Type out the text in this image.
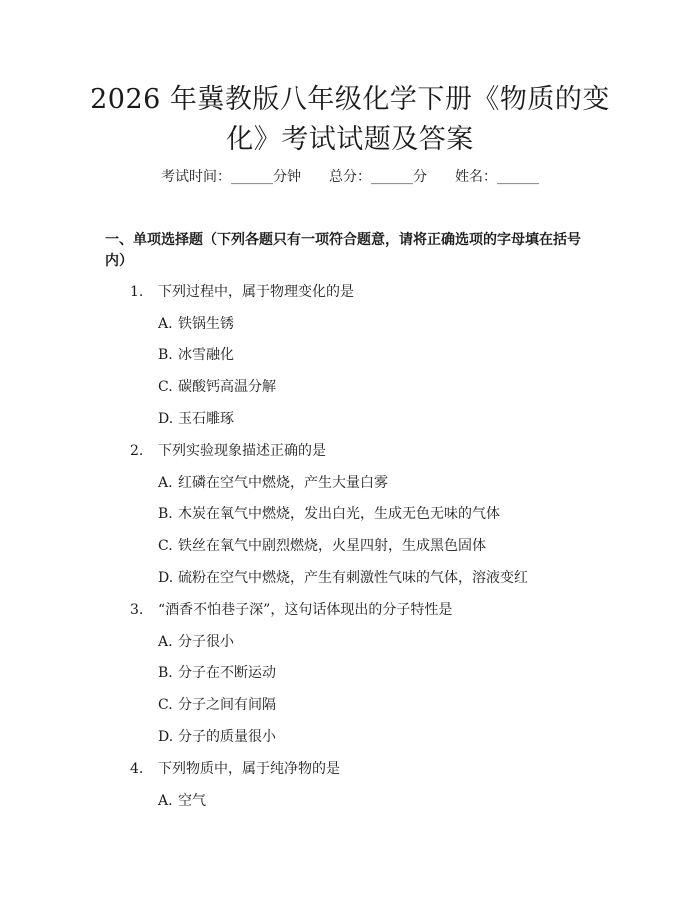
2026 年冀教版八年级化学下册《物质的变
化》考试试题及答案
考试时间：______分钟 总分：______分 姓名：______
一、单项选择题（下列各题只有一项符合题意，请将正确选项的字母填在括号
内）
1. 下列过程中，属于物理变化的是
A. 铁锅生锈
B. 冰雪融化
C. 碳酸钙高温分解
D. 玉石雕琢
2. 下列实验现象描述正确的是
A. 红磷在空气中燃烧，产生大量白雾
B. 木炭在氧气中燃烧，发出白光，生成无色无味的气体
C. 铁丝在氧气中剧烈燃烧，火星四射，生成黑色固体
D. 硫粉在空气中燃烧，产生有刺激性气味的气体，溶液变红
3. “酒香不怕巷子深”，这句话体现出的分子特性是
A. 分子很小
B. 分子在不断运动
C. 分子之间有间隔
D. 分子的质量很小
4. 下列物质中，属于纯净物的是
A. 空气
